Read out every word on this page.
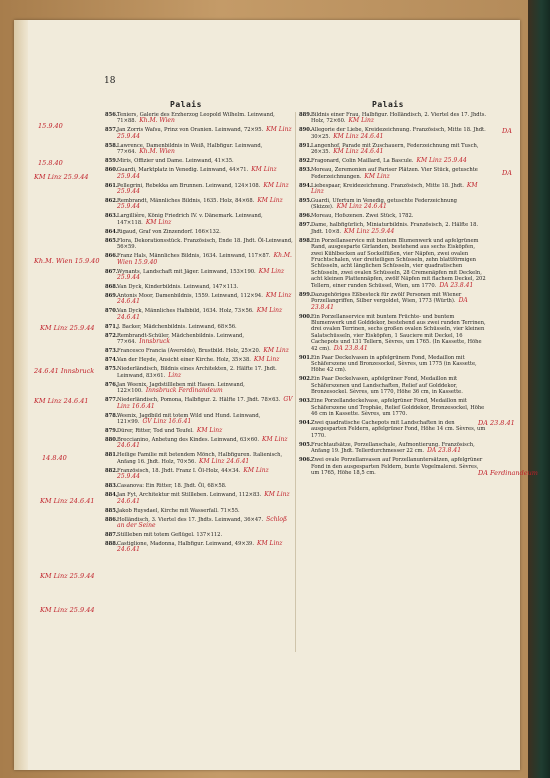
18
Palais	Palais
856. Teniers, Galerie des Erzherzog Leopold Wilhelm. Leinwand, 71×88. Kh.M. Wien
857. Jan Zorris Wafsu, Prinz von Oranien. Leinwand, 72×95. KM Linz 25.9.44
858. Lawrence, Damenbildnis in Weiß, Halbfigur. Leinwand, 77×64. Kh.M. Wien
859. Miris, Offizier und Dame. Leinwand, 41×35.
860. Guardi, Marktplatz in Venedig. Leinwand, 44×71. KM Linz 25.9.44
861. Pellegrini, Rebekka am Brunnen. Leinwand, 124×108. KM Linz 25.9.44
862. Rembrandt, Männliches Bildnis, 1635. Holz, 84×68. KM Linz 25.9.44
863. Largillière, König Friedrich IV. v. Dänemark. Leinwand, 147×118. KM Linz
864. Rigaud, Graf von Zinzendorf. 166×132.
865. Flora, Dekorationsstück. Französisch, Ende 18. Jhdt. Öl-Leinwand, 56×59.
866. Franz Hals, Männliches Bildnis, 1634. Leinwand, 117×87. Kh.M. Wien 15.9.40
867. Wynants, Landschaft mit Jäger. Leinwand, 153×190. KM Linz 25.9.44
868. Van Dyck, Kinderbildnis. Leinwand, 147×113.
869. Antonis Moor, Damenbildnis, 1559. Leinwand, 112×94. KM Linz 24.6.41
870. Van Dyck, Männliches Halbbild, 1634. Holz, 73×56. KM Linz 24.6.41
871. J. Backer, Mädchenbildnis. Leinwand, 68×56.
872. Rembrandt-Schüler, Mädchenbildnis. Leinwand, 77×64. Innsbruck
873. Francesco Francia (Averoldo), Brustbild. Holz, 25×20. KM Linz
874. Van der Heyde, Ansicht einer Kirche. Holz, 35×38. KM Linz
875. Niederländisch, Bildnis eines Architekten, 2. Hälfte 17. Jhdt. Leinwand, 83×61. Linz
876. Jan Weenix, Jagdstillleben mit Hasen. Leinwand, 122×100. Innsbruck Ferdinandeum
877. Niederländisch, Pomona, Halbfigur. 2. Hälfte 17. Jhdt. 78×63. GV Linz 16.6.41
878. Weenix, Jagdbild mit totem Wild und Hund. Leinwand, 121×99. GV Linz 16.6.41
879. Dürer, Ritter, Tod und Teufel. KM Linz
880. Breccianino, Anbetung des Kindes. Leinwand, 63×60. KM Linz 24.6.41
881. Heilige Familie mit betendem Mönch, Halbfiguren. Italienisch, Anfang 16. Jhdt. Holz, 70×56. KM Linz 24.6.41
882. Französisch, 18. Jhdt. Franz I. Öl-Holz, 44×34. KM Linz 25.9.44
883. Casanova: Ein Ritter, 18. Jhdt. Öl, 68×58.
884. Jan Fyt, Architektur mit Stillleben. Leinwand, 112×83. KM Linz 24.6.41
885. Jakob Ruysdael, Kirche mit Wasserfall. 71×55.
886. Holländisch, 3. Viertel des 17. Jhdts. Leinwand, 36×47. Schloß an der Seine
887. Stillleben mit totem Geflügel. 137×112.
888. Castiglione, Madonna, Halbfigur. Leinwand, 49×39. KM Linz 24.6.41
889. Bildnis einer Frau, Halbfigur. Holländisch, 2. Viertel des 17. Jhdts. Holz, 72×60. KM Linz
890. Allegorie der Liebe, Kreidezeichnung. Französisch, Mitte 18. Jhdt. 30×25. KM Linz 24.6.41
891. Langenhof, Parade mit Zuschauern, Federzeichnung mit Tusch, 26×35. KM Linz 24.6.41
892. Fragonard, Colin Maillard, La Bascule. KM Linz 25.9.44
893. Moreau, Zeremonien auf Pariser Plätzen. Vier Stück, getuschte Federzeichnungen. KM Linz
894. Liebespaar, Kreidezeichnung. Französisch, Mitte 18. Jhdt. KM Linz
895. Guardi, Ufertum in Venedig, getuschte Federzeichnung (Skizze). KM Linz 24.6.41
896. Moreau, Hofszenen. Zwei Stück, 1782.
897. Dame, halbfigürlich, Miniaturbildnis. Französisch, 2. Hälfte 18. Jhdt. 10×8. KM Linz 25.9.44
898. Ein Porzellanservice mit buntem Blumenwerk und apfelgrünem Rand, ausgesparte Girlanden, bestehend aus sechs Eisköpfen, zwei Kühlbecken auf Sockelfüßen, vier Näpfen, zwei ovalen Fruchtschalen, vier dreiteiligen Schüsseln, zehn blattförmigen Schüsseln, acht länglichen Schüsseln, vier quadratischen Schüsseln, zwei ovalen Schüsseln, 28 Cremenäpfen mit Deckeln, acht kleinen Plattennäpfen, zwölf Näpfen mit flachem Deckel, 202 Tellern, einer runden Schüssel, Wien, um 1770. DA 23.8.41
899. Dazugehöriges Eßbesteck für zwölf Personen mit Wiener Porzellangriffen, Silber vergoldet, Wien, 1773 (Würth). DA 23.8.41
900. Ein Porzellanservice mit buntem Früchte- und buntem Blumenwerk und Golddekor, bestehend aus zwei runden Terrinen, drei ovalen Terrinen, sechs großen ovalen Schüsseln, vier kleinen Salatschüsseln, vier Eisköpfen, 1 Sauciere mit Deckel, 16 Cachepots und 131 Tellern, Sèvres, um 1765. (In Kassette, Höhe 42 cm). DA 23.8.41
901. Ein Paar Deckelvasen in apfelgrünem Fond, Medaillon mit Schäferszene und Bronzesockel, Sèvres, um 1775 (in Kassette, Höhe 42 cm).
902. Ein Paar Deckelvasen, apfelgrüner Fond, Medaillon mit Schäferszenen und Landschaften, Relief auf Golddekor, Bronzesockel. Sèvres, um 1770, Höhe 36 cm, in Kassette.
903. Eine Porzellandeckelvase, apfelgrüner Fond, Medaillon mit Schäferszene und Trophäe, Relief Golddekor, Bronzesockel, Höhe 46 cm in Kassette. Sèvres, um 1770.
904. Zwei quadratische Cachepots mit Landschaften in den ausgesparten Feldern, apfelgrüner Fond, Höhe 14 cm. Sèvres, um 1770.
905. Fruchtaufsätze, Porzellanschale, Aufmontierung. Französisch, Anfang 19. Jhdt. Tellerdurchmesser 22 cm. DA 23.8.41
906. Zwei ovale Porzellanvasen auf Porzellanuntersätzen, apfelgrüner Fond in den ausgesparten Feldern, bunte Vogelmalerei. Sèvres, um 1765, Höhe 18,5 cm.
15.9.40
15.8.40
KM Linz 25.9.44
Kh.M. Wien 15.9.40
KM Linz 25.9.44
24.6.41 Innsbruck
KM Linz 24.6.41
KM Linz 24.6.41
14.8.40
KM Linz 25.9.44
KM Linz 25.9.44
DA
DA
DA 23.8.41
DA Ferdinandeum
